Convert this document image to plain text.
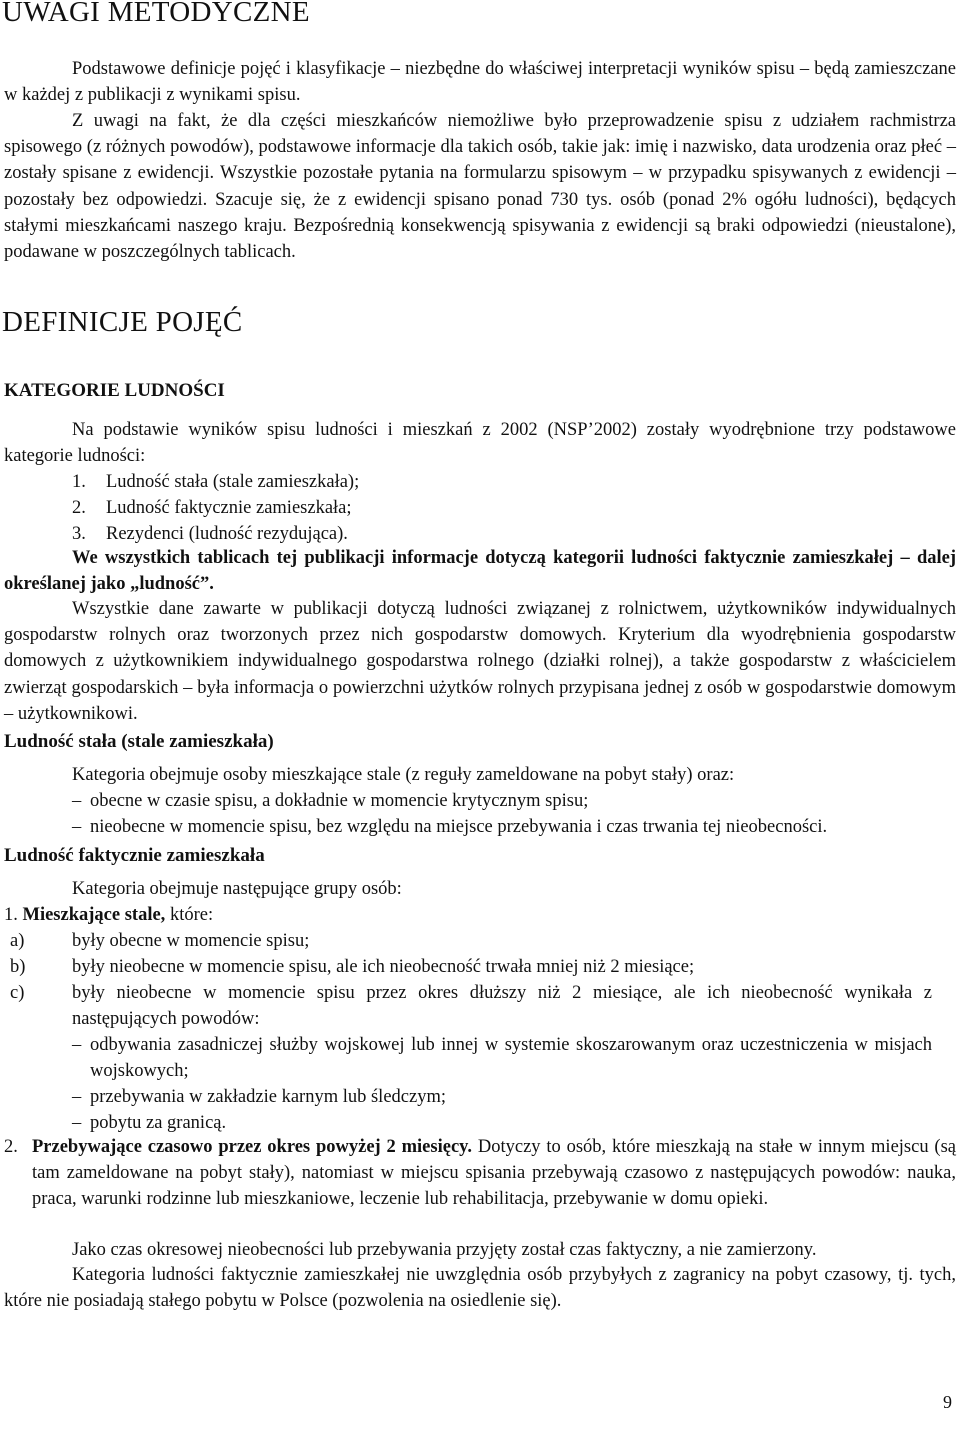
UWAGI METODYCZNE

Podstawowe definicje pojęć i klasyfikacje – niezbędne do właściwej interpretacji wyników spisu – będą zamieszczane w każdej z publikacji z wynikami spisu.

Z uwagi na fakt, że dla części mieszkańców niemożliwe było przeprowadzenie spisu z udziałem rachmistrza spisowego (z różnych powodów), podstawowe informacje dla takich osób, takie jak: imię i nazwisko, data urodzenia oraz płeć – zostały spisane z ewidencji. Wszystkie pozostałe pytania na formularzu spisowym – w przypadku spisywanych z ewidencji – pozostały bez odpowiedzi. Szacuje się, że z ewidencji spisano ponad 730 tys. osób (ponad 2% ogółu ludności), będących stałymi mieszkańcami naszego kraju. Bezpośrednią konsekwencją spisywania z ewidencji są braki odpowiedzi (nieustalone), podawane w poszczególnych tablicach.

DEFINICJE POJĘĆ
KATEGORIE LUDNOŚCI

Na podstawie wyników spisu ludności i mieszkań z 2002 (NSP’2002) zostały wyodrębnione trzy podstawowe kategorie ludności:

1. Ludność stała (stale zamieszkała);
2. Ludność faktycznie zamieszkała;
3. Rezydenci (ludność rezydująca).

We wszystkich tablicach tej publikacji informacje dotyczą kategorii ludności faktycznie zamieszkałej – dalej określanej jako „ludność”.

Wszystkie dane zawarte w publikacji dotyczą ludności związanej z rolnictwem, użytkowników indywidualnych gospodarstw rolnych oraz tworzonych przez nich gospodarstw domowych. Kryterium dla wyodrębnienia gospodarstw domowych z użytkownikiem indywidualnego gospodarstwa rolnego (działki rolnej), a także gospodarstw z właścicielem zwierząt gospodarskich – była informacja o powierzchni użytków rolnych przypisana jednej z osób w gospodarstwie domowym – użytkownikowi.

Ludność stała (stale zamieszkała)
Kategoria obejmuje osoby mieszkające stale (z reguły zameldowane na pobyt stały) oraz:
– obecne w czasie spisu, a dokładnie w momencie krytycznym spisu;
– nieobecne w momencie spisu, bez względu na miejsce przebywania i czas trwania tej nieobecności.
Ludność faktycznie zamieszkała
Kategoria obejmuje następujące grupy osób:
1. Mieszkające stale, które:
a)	były obecne w momencie spisu;
b)	były nieobecne w momencie spisu, ale ich nieobecność trwała mniej niż 2 miesiące;
c)	były nieobecne w momencie spisu przez okres dłuższy niż 2 miesiące, ale ich nieobecność wynikała z następujących powodów:

– odbywania zasadniczej służby wojskowej lub innej w systemie skoszarowanym oraz uczestniczenia w misjach wojskowych;

– przebywania w zakładzie karnym lub śledczym;
– pobytu za granicą.
2. Przebywające czasowo przez okres powyżej 2 miesięcy. Dotyczy to osób, które mieszkają na stałe w innym miejscu (są tam zameldowane na pobyt stały), natomiast w miejscu spisania przebywają czasowo z następujących powodów: nauka, praca, warunki rodzinne lub mieszkaniowe, leczenie lub rehabilitacja, przebywanie w domu opieki.

Jako czas okresowej nieobecności lub przebywania przyjęty został czas faktyczny, a nie zamierzony.

Kategoria ludności faktycznie zamieszkałej nie uwzględnia osób przybyłych z zagranicy na pobyt czasowy, tj. tych, które nie posiadają stałego pobytu w Polsce (pozwolenia na osiedlenie się).

9
